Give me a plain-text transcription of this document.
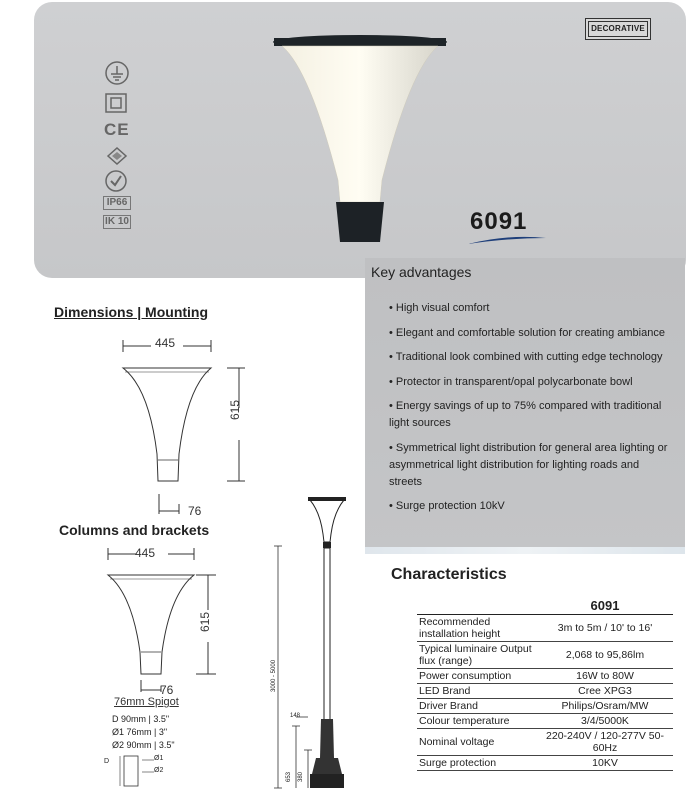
DECORATIVE
CE
IP66
IK 10	6091
Key advantages
• High visual comfort
• Elegant and comfortable solution for creating ambiance
• Traditional look combined with cutting edge technology
• Protector in transparent/opal polycarbonate bowl
• Energy savings of up to 75% compared with traditional light sources
• Symmetrical light distribution for general area lighting or asymmetrical light distribution for lighting roads and streets
• Surge protection 10kV
Dimensions | Mounting
445
615
76
Columns and brackets
445
615
76
76mm Spigot
D 90mm | 3.5"
Ø1 76mm | 3"
Ø2 90mm | 3.5"
D	Ø1
Ø2
3000 - 5000
148
653 380
Characteristics
	6091
Recommended installation height	3m to 5m / 10' to 16'
Typical luminaire Output flux (range)	2,068 to 95,86lm
Power consumption	16W to 80W
LED Brand	Cree XPG3
Driver Brand	Philips/Osram/MW
Colour temperature	3/4/5000K
Nominal voltage	220-240V / 120-277V 50-60Hz
Surge protection	10KV
